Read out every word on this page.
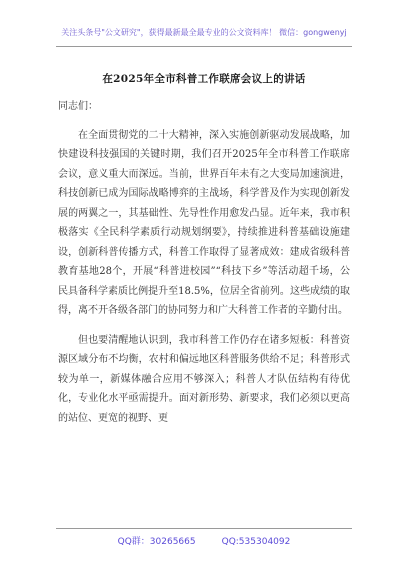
关注头条号"公文研究"，获得最新最全最专业的公文资料库！ 微信：gongwenyj
在2025年全市科普工作联席会议上的讲话

同志们：

在全面贯彻党的二十大精神，深入实施创新驱动发展战略，加快建设科技强国的关键时期，我们召开2025年全市科普工作联席会议，意义重大而深远。当前，世界百年未有之大变局加速演进，科技创新已成为国际战略博弈的主战场，科学普及作为实现创新发展的两翼之一，其基础性、先导性作用愈发凸显。近年来，我市积极落实《全民科学素质行动规划纲要》，持续推进科普基础设施建设，创新科普传播方式，科普工作取得了显著成效：建成省级科普教育基地28个，开展“科普进校园”“科技下乡”等活动超千场，公民具备科学素质比例提升至18.5%，位居全省前列。这些成绩的取得，离不开各级各部门的协同努力和广大科普工作者的辛勤付出。

但也要清醒地认识到，我市科普工作仍存在诸多短板：科普资源区域分布不均衡，农村和偏远地区科普服务供给不足；科普形式较为单一，新媒体融合应用不够深入；科普人才队伍结构有待优化，专业化水平亟需提升。面对新形势、新要求，我们必须以更高的站位、更宽的视野、更

QQ群：30265665	QQ:535304092
